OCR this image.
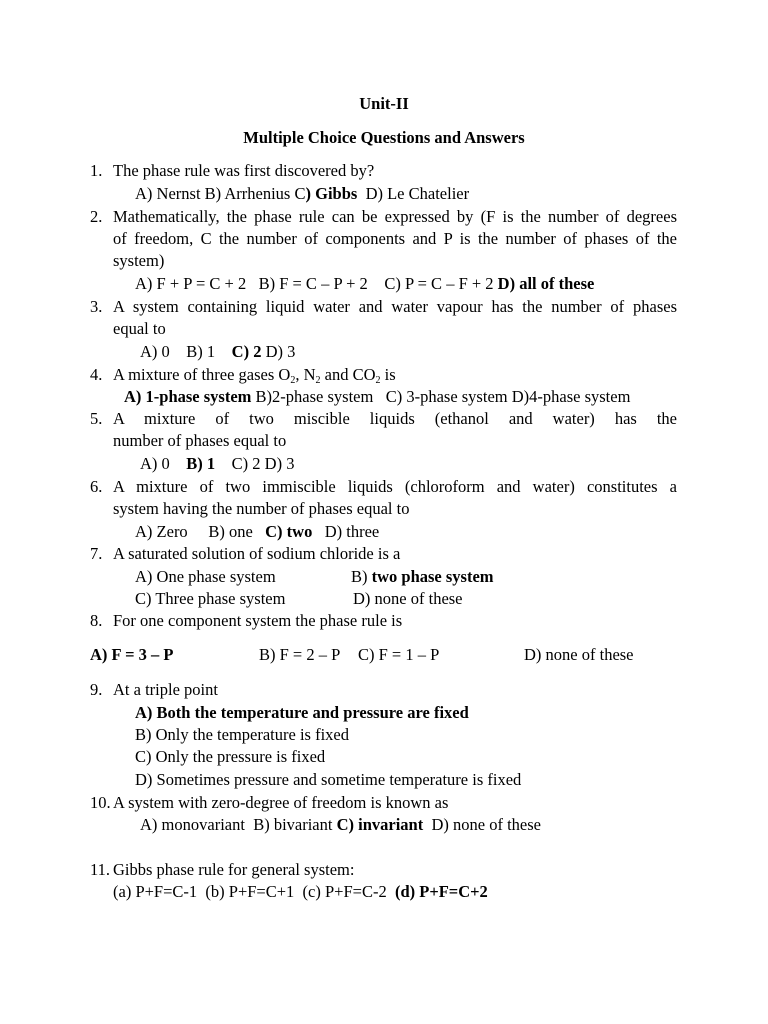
Unit-II
Multiple Choice Questions and Answers
1. The phase rule was first discovered by?
A) Nernst B) Arrhenius C) Gibbs D) Le Chatelier
2. Mathematically, the phase rule can be expressed by (F is the number of degrees
of freedom, C the number of components and P is the number of phases of the
system)
A) F + P = C + 2 B) F = C – P + 2 C) P = C – F + 2 D) all of these
3. A system containing liquid water and water vapour has the number of phases
equal to
A) 0 B) 1 C) 2 D) 3
4. A mixture of three gases $O_2$, $N_2$ and $CO_2$ is
A) 1-phase system B)2-phase system C) 3-phase system D)4-phase system
5. A mixture of two miscible liquids (ethanol and water) has the
number of phases equal to
A) 0 B) 1 C) 2 D) 3
6. A mixture of two immiscible liquids (chloroform and water) constitutes a
system having the number of phases equal to
A) Zero B) one C) two D) three
7. A saturated solution of sodium chloride is a
A) One phase system	B) two phase system
C) Three phase system	D) none of these
8. For one component system the phase rule is
A) F = 3 – P	B) F = 2 – P C) F = 1 – P	D) none of these
9. At a triple point
A) Both the temperature and pressure are fixed
B) Only the temperature is fixed
C) Only the pressure is fixed
D) Sometimes pressure and sometime temperature is fixed
10. A system with zero-degree of freedom is known as
A) monovariant B) bivariant C) invariant D) none of these
11. Gibbs phase rule for general system:
(a) P+F=C-1 (b) P+F=C+1 (c) P+F=C-2 (d) P+F=C+2
